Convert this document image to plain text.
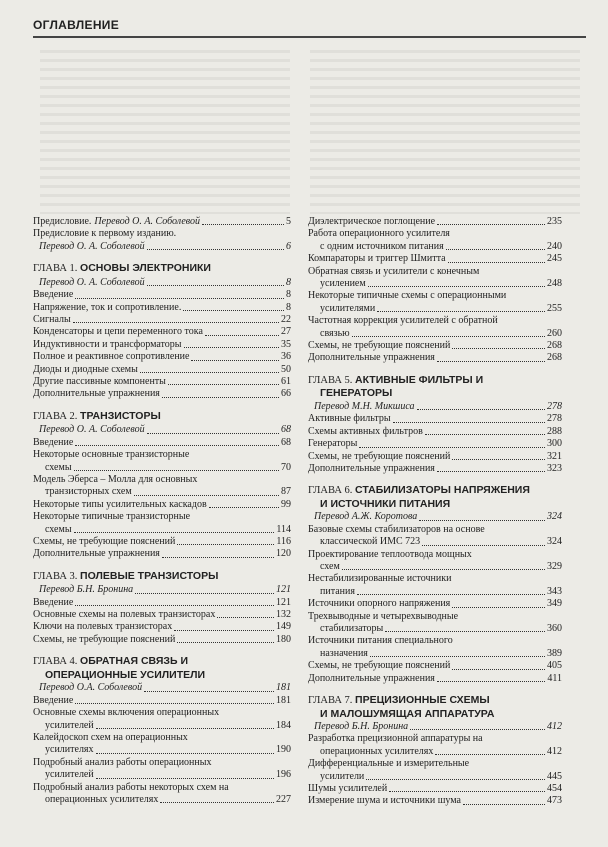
ОГЛАВЛЕНИЕ
Предисловие. Перевод О. А. Соболевой	5
Предисловие к первому изданию.
Перевод О. А. Соболевой	6
ГЛАВА 1. ОСНОВЫ ЭЛЕКТРОНИКИ
Перевод О. А. Соболевой	8
Введение	8
Напряжение, ток и сопротивление.	8
Сигналы	22
Конденсаторы и цепи переменного тока	27
Индуктивности и трансформаторы	35
Полное и реактивное сопротивление	36
Диоды и диодные схемы	50
Другие пассивные компоненты	61
Дополнительные упражнения	66
ГЛАВА 2. ТРАНЗИСТОРЫ
Перевод О. А. Соболевой	68
Введение	68
Некоторые основные транзисторные
схемы	70
Модель Эберса – Молла для основных
транзисторных схем	87
Некоторые типы усилительных каскадов	99
Некоторые типичные транзисторные
схемы	114
Схемы, не требующие пояснений	116
Дополнительные упражнения	120
ГЛАВА 3. ПОЛЕВЫЕ ТРАНЗИСТОРЫ
Перевод Б.Н. Бронина	121
Введение	121
Основные схемы на полевых транзисторах	132
Ключи на полевых транзисторах	149
Схемы, не требующие пояснений	180
ГЛАВА 4. ОБРАТНАЯ СВЯЗЬ И
ОПЕРАЦИОННЫЕ УСИЛИТЕЛИ
Перевод О.А. Соболевой	181
Введение	181
Основные схемы включения операционных
усилителей	184
Калейдоскоп схем на операционных
усилителях	190
Подробный анализ работы операционных
усилителей	196
Подробный анализ работы некоторых схем на
операционных усилителях	227
Диэлектрическое поглощение	235
Работа операционного усилителя
с одним источником питания	240
Компараторы и триггер Шмитта	245
Обратная связь и усилители с конечным
усилением	248
Некоторые типичные схемы с операционными
усилителями	255
Частотная коррекция усилителей с обратной
связью	260
Схемы, не требующие пояснений	268
Дополнительные упражнения	268
ГЛАВА 5. АКТИВНЫЕ ФИЛЬТРЫ И
ГЕНЕРАТОРЫ
Перевод М.Н. Микшиса	278
Активные фильтры	278
Схемы активных фильтров	288
Генераторы	300
Схемы, не требующие пояснений	321
Дополнительные упражнения	323
ГЛАВА 6. СТАБИЛИЗАТОРЫ НАПРЯЖЕНИЯ
И ИСТОЧНИКИ ПИТАНИЯ
Перевод А.Ж. Коротова	324
Базовые схемы стабилизаторов на основе
классической ИМС 723	324
Проектирование теплоотвода мощных
схем	329
Нестабилизированные источники
питания	343
Источники опорного напряжения	349
Трехвыводные и четырехвыводные
стабилизаторы	360
Источники питания специального
назначения	389
Схемы, не требующие пояснений	405
Дополнительные упражнения	411
ГЛАВА 7. ПРЕЦИЗИОННЫЕ СХЕМЫ
И МАЛОШУМЯЩАЯ АППАРАТУРА
Перевод Б.Н. Бронина	412
Разработка прецизионной аппаратуры на
операционных усилителях	412
Дифференциальные и измерительные
усилители	445
Шумы усилителей	454
Измерение шума и источники шума	473
